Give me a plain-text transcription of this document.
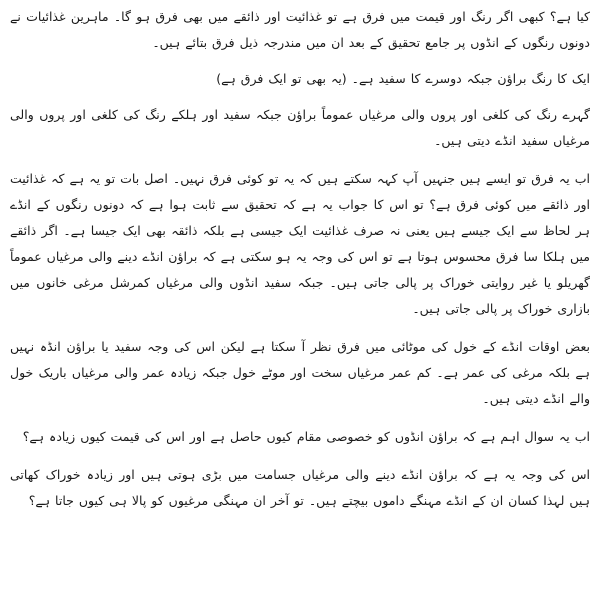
کیا ہے؟ کبھی اگر رنگ اور قیمت میں فرق ہے تو غذائیت اور ذائقے میں بھی فرق ہو گا۔ ماہرین غذائیات نے دونوں رنگوں کے انڈوں پر جامع تحقیق کے بعد ان میں مندرجہ ذیل فرق بتائے ہیں۔

ایک کا رنگ براؤن جبکہ دوسرے کا سفید ہے۔ (یہ بھی تو ایک فرق ہے)

گہرے رنگ کی کلغی اور پروں والی مرغیاں عموماً براؤن جبکہ سفید اور ہلکے رنگ کی کلغی اور پروں والی مرغیاں سفید انڈے دیتی ہیں۔

اب یہ فرق تو ایسے ہیں جنہیں آپ کہہ سکتے ہیں کہ یہ تو کوئی فرق نہیں۔ اصل بات تو یہ ہے کہ غذائیت اور ذائقے میں کوئی فرق ہے؟ تو اس کا جواب یہ ہے کہ تحقیق سے ثابت ہوا ہے کہ دونوں رنگوں کے انڈے ہر لحاظ سے ایک جیسے ہیں یعنی نہ صرف غذائیت ایک جیسی ہے بلکہ ذائقہ بھی ایک جیسا ہے۔ اگر ذائقے میں ہلکا سا فرق محسوس ہوتا ہے تو اس کی وجہ یہ ہو سکتی ہے کہ براؤن انڈے دینے والی مرغیاں عموماً گھریلو یا غیر روایتی خوراک پر پالی جاتی ہیں۔ جبکہ سفید انڈوں والی مرغیاں کمرشل مرغی خانوں میں بازاری خوراک پر پالی جاتی ہیں۔

بعض اوقات انڈے کے خول کی موٹائی میں فرق نظر آ سکتا ہے لیکن اس کی وجہ سفید یا براؤن انڈہ نہیں ہے بلکہ مرغی کی عمر ہے۔ کم عمر مرغیاں سخت اور موٹے خول جبکہ زیادہ عمر والی مرغیاں باریک خول والے انڈے دیتی ہیں۔

اب یہ سوال اہم ہے کہ براؤن انڈوں کو خصوصی مقام کیوں حاصل ہے اور اس کی قیمت کیوں زیادہ ہے؟

اس کی وجہ یہ ہے کہ براؤن انڈے دینے والی مرغیاں جسامت میں بڑی ہوتی ہیں اور زیادہ خوراک کھاتی ہیں لہذا کسان ان کے انڈے مہنگے داموں بیچتے ہیں۔ تو آخر ان مہنگی مرغیوں کو پالا ہی کیوں جاتا ہے؟
